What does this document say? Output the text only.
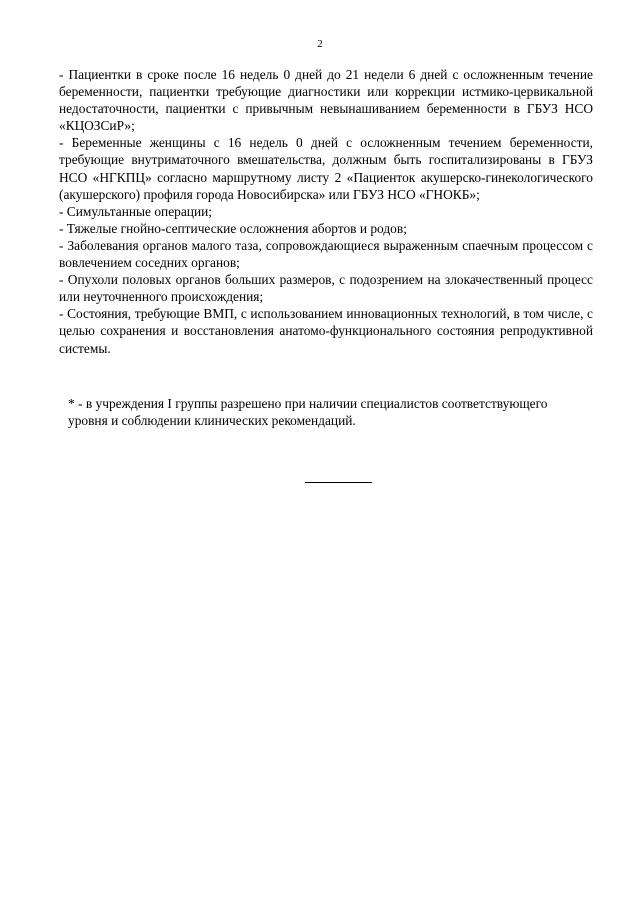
2

- Пациентки в сроке после 16 недель 0 дней до 21 недели 6 дней с осложненным течение беременности, пациентки требующие диагностики или коррекции истмико-цервикальной недостаточности, пациентки с привычным невынашиванием беременности в ГБУЗ НСО «КЦОЗСиР»;

- Беременные женщины с 16 недель 0 дней с осложненным течением беременности, требующие внутриматочного вмешательства, должным быть госпитализированы в ГБУЗ НСО «НГКПЦ» согласно маршрутному листу 2 «Пациенток акушерско-гинекологического (акушерского) профиля города Новосибирска» или ГБУЗ НСО «ГНОКБ»;

- Симультанные операции;

- Тяжелые гнойно-септические осложнения абортов и родов;

- Заболевания органов малого таза, сопровождающиеся выраженным спаечным процессом с вовлечением соседних органов;

- Опухоли половых органов больших размеров, с подозрением на злокачественный процесс или неуточненного происхождения;

- Состояния, требующие ВМП, с использованием инновационных технологий, в том числе, с целью сохранения и восстановления анатомо-функционального состояния репродуктивной системы.

* - в учреждения I группы разрешено при наличии специалистов соответствующего
уровня и соблюдении клинических рекомендаций.
